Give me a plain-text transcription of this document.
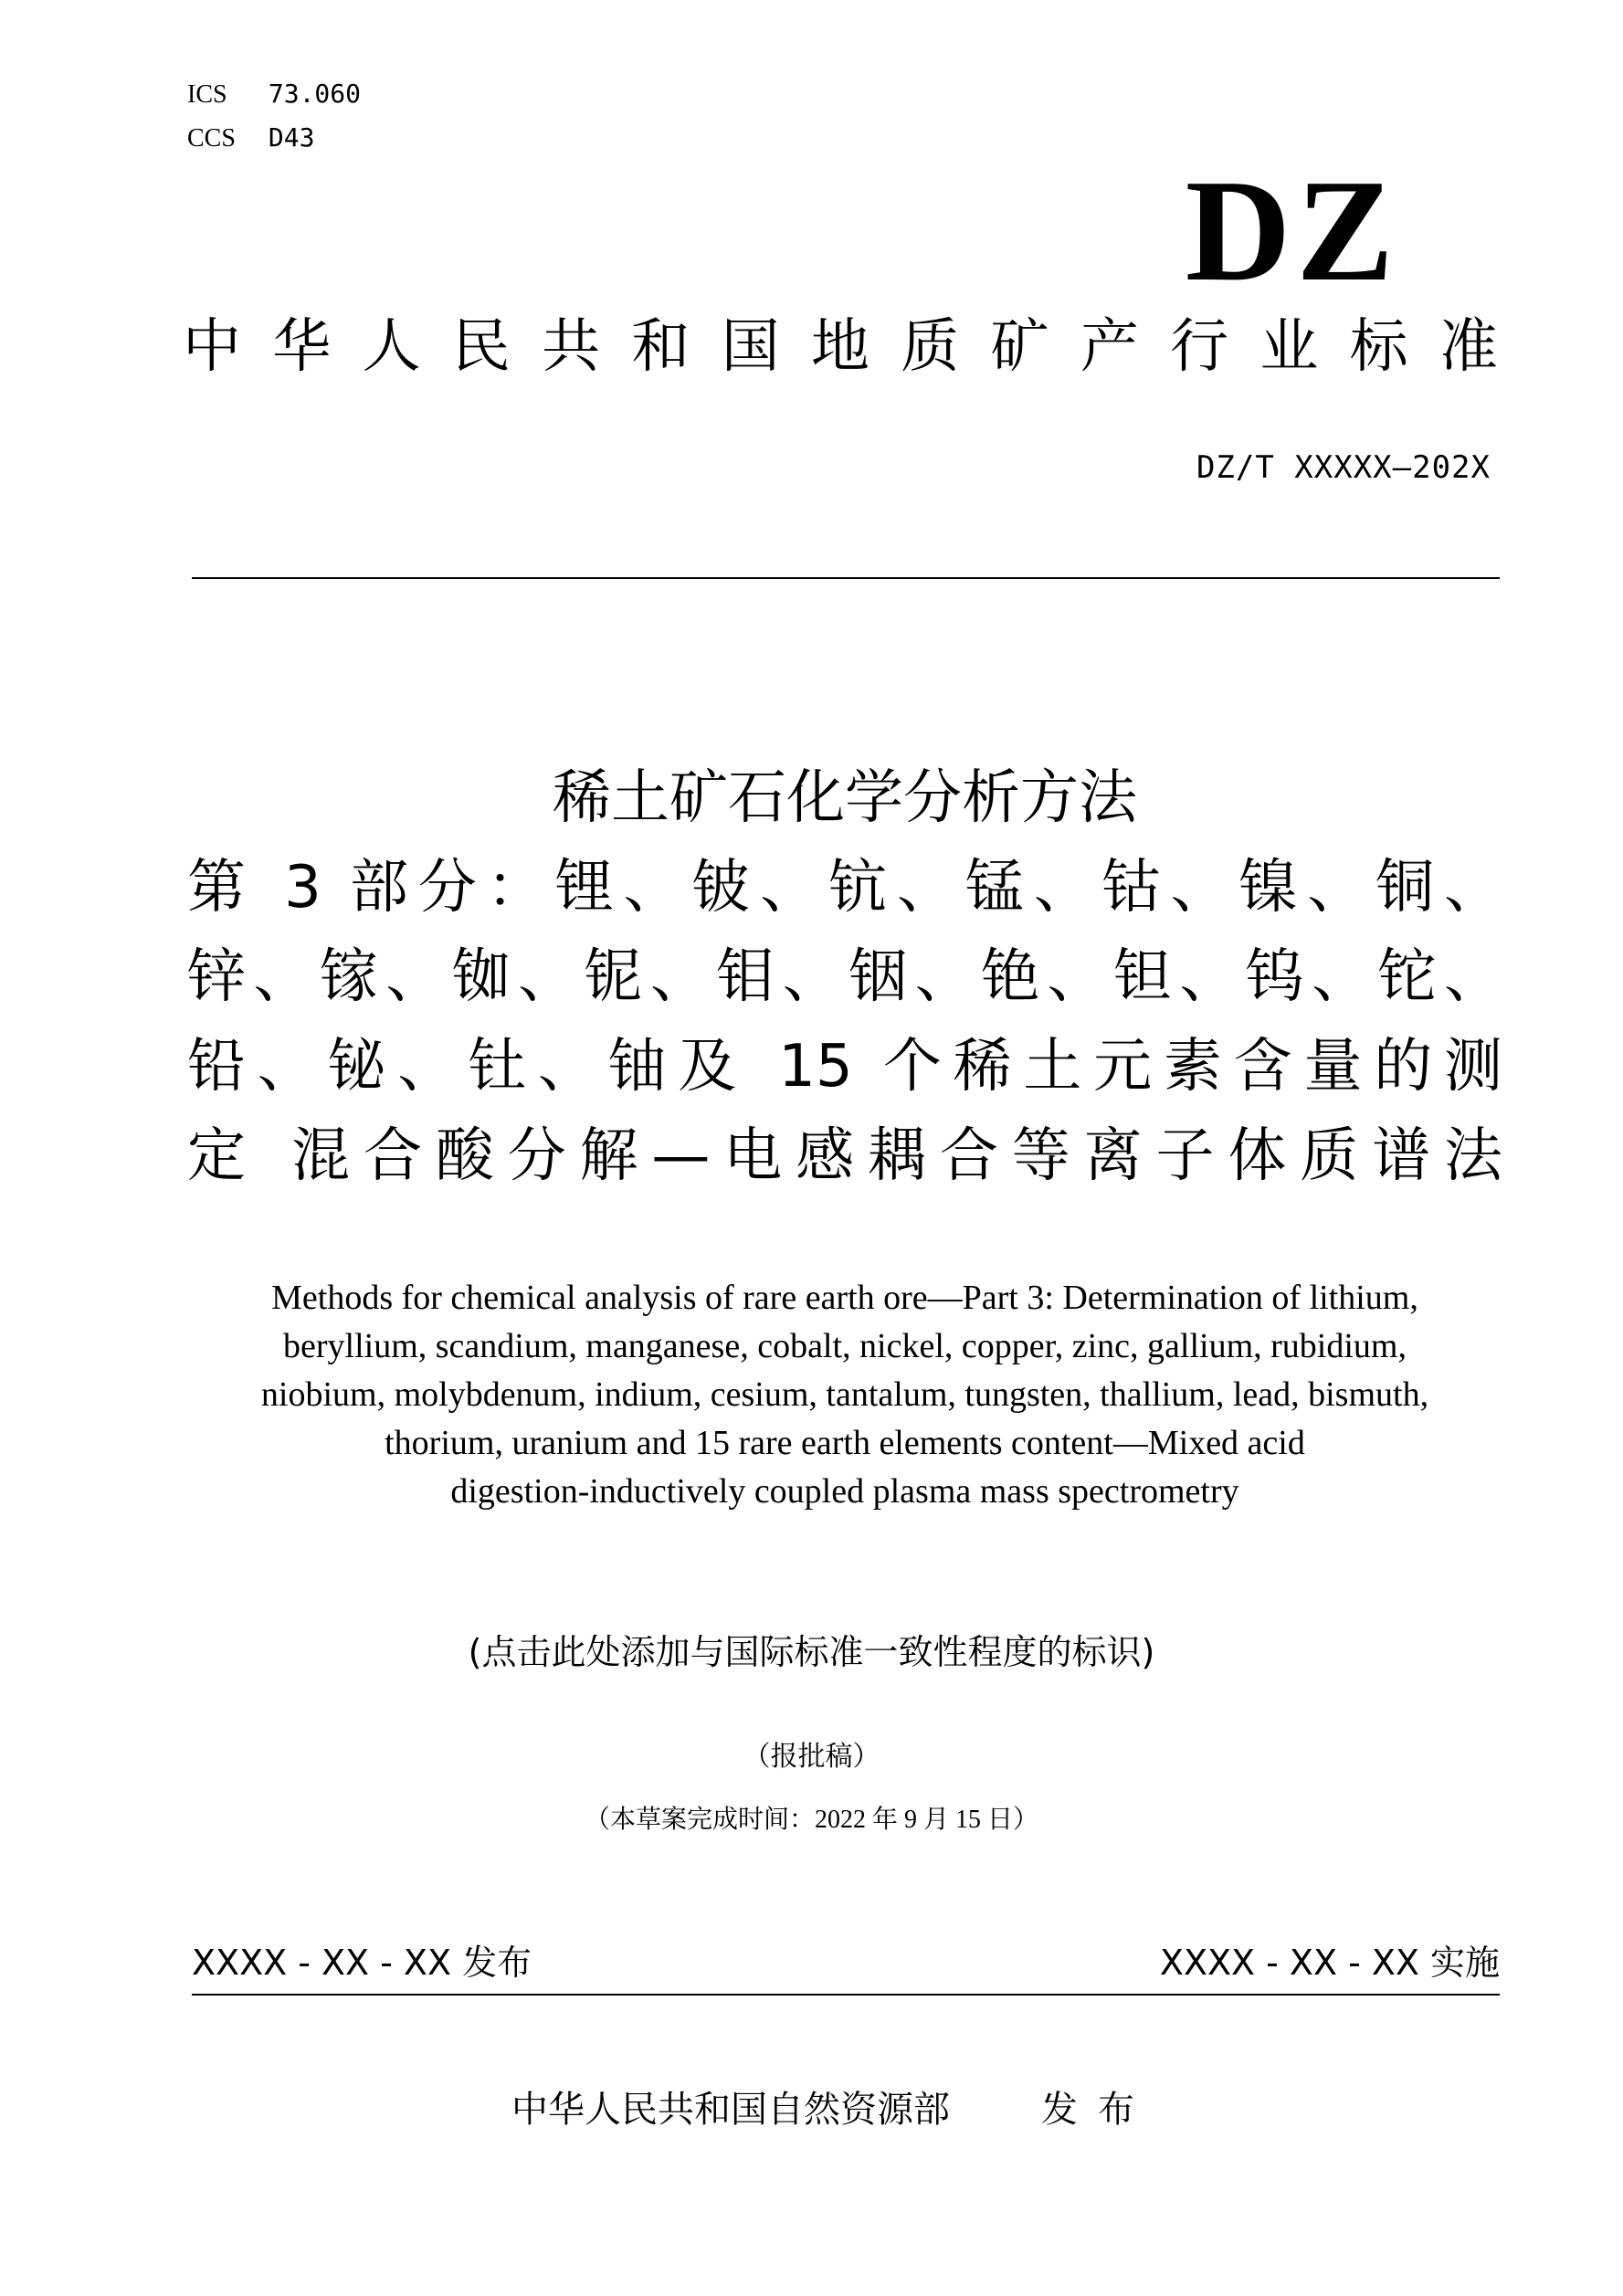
ICS 73.060
CCS D43
DZ
中 华 人 民 共 和 国 地 质 矿 产 行 业 标 准
DZ/T XXXXX—202X
稀土矿石化学分析方法
第 3 部分：锂、铍、钪、锰、钴、镍、铜、
锌、镓、铷、铌、钼、铟、铯、钽、钨、铊、
铅、铋、钍、铀及 15 个稀土元素含量的测
定 混合酸分解—电感耦合等离子体质谱法
Methods for chemical analysis of rare earth ore—Part 3: Determination of lithium,
beryllium, scandium, manganese, cobalt, nickel, copper, zinc, gallium, rubidium,
niobium, molybdenum, indium, cesium, tantalum, tungsten, thallium, lead, bismuth,
thorium, uranium and 15 rare earth elements content—Mixed acid
digestion-inductively coupled plasma mass spectrometry
(点击此处添加与国际标准一致性程度的标识)
（报批稿）
（本草案完成时间：2022 年 9 月 15 日）
XXXX - XX - XX 发布	XXXX - XX - XX 实施
中华人民共和国自然资源部	发布
